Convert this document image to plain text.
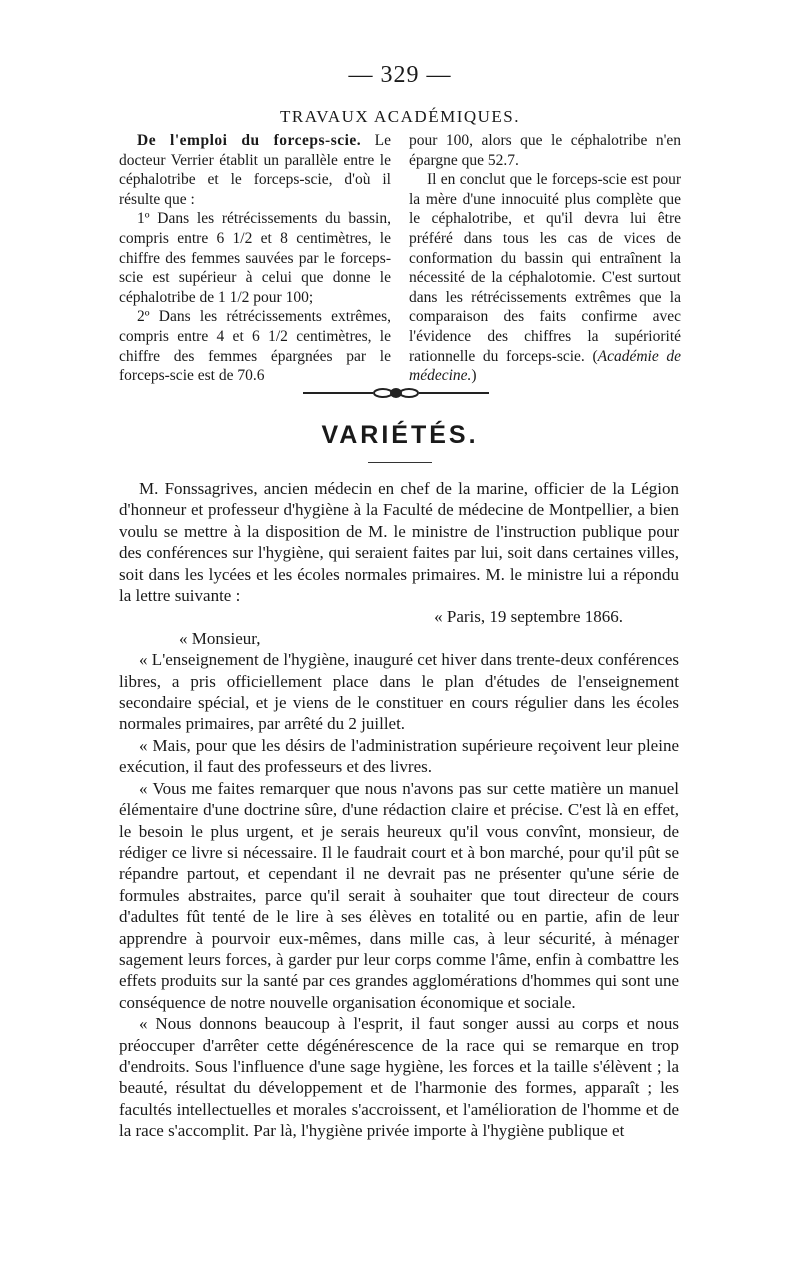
— 329 —
TRAVAUX ACADÉMIQUES.

De l'emploi du forceps-scie. Le docteur Verrier établit un parallèle entre le céphalotribe et le forceps-scie, d'où il résulte que :

1º Dans les rétrécissements du bassin, compris entre 6 1/2 et 8 centimètres, le chiffre des femmes sauvées par le forceps-scie est supérieur à celui que donne le céphalotribe de 1 1/2 pour 100;

2º Dans les rétrécissements extrêmes, compris entre 4 et 6 1/2 centimètres, le chiffre des femmes épargnées par le forceps-scie est de 70.6

pour 100, alors que le céphalotribe n'en épargne que 52.7.

Il en conclut que le forceps-scie est pour la mère d'une innocuité plus complète que le céphalotribe, et qu'il devra lui être préféré dans tous les cas de vices de conformation du bassin qui entraînent la nécessité de la céphalotomie. C'est surtout dans les rétrécissements extrêmes que la comparaison des faits confirme avec l'évidence des chiffres la supériorité rationnelle du forceps-scie. (Académie de médecine.)

VARIÉTÉS.

M. Fonssagrives, ancien médecin en chef de la marine, officier de la Légion d'honneur et professeur d'hygiène à la Faculté de médecine de Montpellier, a bien voulu se mettre à la disposition de M. le ministre de l'instruction publique pour des conférences sur l'hygiène, qui seraient faites par lui, soit dans certaines villes, soit dans les lycées et les écoles normales primaires. M. le ministre lui a répondu la lettre suivante :

« Paris, 19 septembre 1866.

« Monsieur,

« L'enseignement de l'hygiène, inauguré cet hiver dans trente-deux conférences libres, a pris officiellement place dans le plan d'études de l'enseignement secondaire spécial, et je viens de le constituer en cours régulier dans les écoles normales primaires, par arrêté du 2 juillet.

« Mais, pour que les désirs de l'administration supérieure reçoivent leur pleine exécution, il faut des professeurs et des livres.

« Vous me faites remarquer que nous n'avons pas sur cette matière un manuel élémentaire d'une doctrine sûre, d'une rédaction claire et précise. C'est là en effet, le besoin le plus urgent, et je serais heureux qu'il vous convînt, monsieur, de rédiger ce livre si nécessaire. Il le faudrait court et à bon marché, pour qu'il pût se répandre partout, et cependant il ne devrait pas ne présenter qu'une série de formules abstraites, parce qu'il serait à souhaiter que tout directeur de cours d'adultes fût tenté de le lire à ses élèves en totalité ou en partie, afin de leur apprendre à pourvoir eux-mêmes, dans mille cas, à leur sécurité, à ménager sagement leurs forces, à garder pur leur corps comme l'âme, enfin à combattre les effets produits sur la santé par ces grandes agglomérations d'hommes qui sont une conséquence de notre nouvelle organisation économique et sociale.

« Nous donnons beaucoup à l'esprit, il faut songer aussi au corps et nous préoccuper d'arrêter cette dégénérescence de la race qui se remarque en trop d'endroits. Sous l'influence d'une sage hygiène, les forces et la taille s'élèvent ; la beauté, résultat du développement et de l'harmonie des formes, apparaît ; les facultés intellectuelles et morales s'accroissent, et l'amélioration de l'homme et de la race s'accomplit. Par là, l'hygiène privée importe à l'hygiène publique et
